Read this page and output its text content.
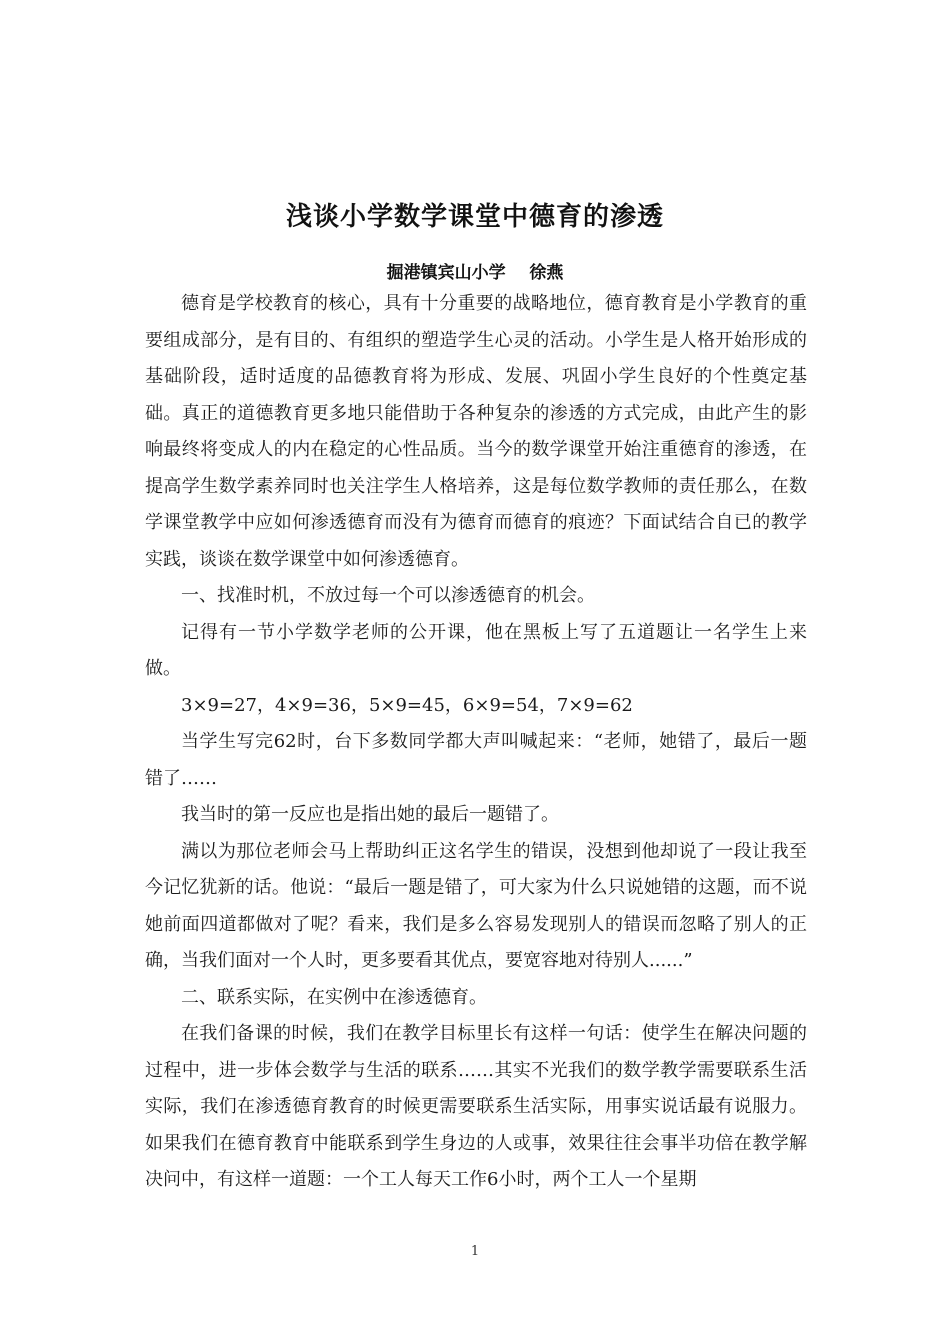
浅谈小学数学课堂中德育的渗透
掘港镇宾山小学 徐燕

德育是学校教育的核心，具有十分重要的战略地位，德育教育是小学教育的重要组成部分，是有目的、有组织的塑造学生心灵的活动。小学生是人格开始形成的基础阶段，适时适度的品德教育将为形成、发展、巩固小学生良好的个性奠定基础。真正的道德教育更多地只能借助于各种复杂的渗透的方式完成，由此产生的影响最终将变成人的内在稳定的心性品质。当今的数学课堂开始注重德育的渗透，在提高学生数学素养同时也关注学生人格培养，这是每位数学教师的责任那么，在数学课堂教学中应如何渗透德育而没有为德育而德育的痕迹？下面试结合自已的教学实践，谈谈在数学课堂中如何渗透德育。

一、找准时机，不放过每一个可以渗透德育的机会。

记得有一节小学数学老师的公开课，他在黑板上写了五道题让一名学生上来做。

3×9=27，4×9=36，5×9=45，6×9=54，7×9=62

当学生写完62时，台下多数同学都大声叫喊起来：“老师，她错了，最后一题错了……

我当时的第一反应也是指出她的最后一题错了。

满以为那位老师会马上帮助纠正这名学生的错误，没想到他却说了一段让我至今记忆犹新的话。他说：“最后一题是错了，可大家为什么只说她错的这题，而不说她前面四道都做对了呢？看来，我们是多么容易发现别人的错误而忽略了别人的正确，当我们面对一个人时，更多要看其优点，要宽容地对待别人......”

二、联系实际，在实例中在渗透德育。

在我们备课的时候，我们在教学目标里长有这样一句话：使学生在解决问题的过程中，进一步体会数学与生活的联系……其实不光我们的数学教学需要联系生活实际，我们在渗透德育教育的时候更需要联系生活实际，用事实说话最有说服力。如果我们在德育教育中能联系到学生身边的人或事，效果往往会事半功倍在教学解决问中，有这样一道题：一个工人每天工作6小时，两个工人一个星期

1
